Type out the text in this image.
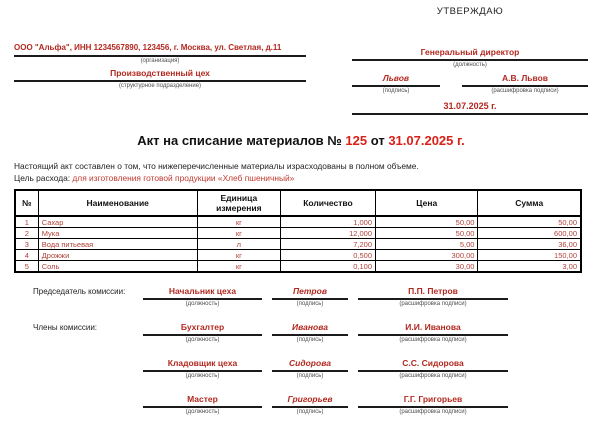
ООО "Альфа", ИНН 1234567890, 123456, г. Москва, ул. Светлая, д.11
(организация)
Производственный цех
(структурное подразделение)
УТВЕРЖДАЮ
Генеральный директор
(должность)
Львов
(подпись)
А.В. Львов
(расшифровка подписи)
31.07.2025 г.
Акт на списание материалов № 125 от 31.07.2025 г.
Настоящий акт составлен о том, что нижеперечисленные материалы израсходованы в полном объеме.
Цель расхода: для изготовления готовой продукции «Хлеб пшеничный»
№	Наименование	Единица измерения	Количество	Цена	Сумма
1	Сахар	кг	1,000	50,00	50,00
2	Мука	кг	12,000	50,00	600,00
3	Вода питьевая	л	7,200	5,00	36,00
4	Дрожжи	кг	0,500	300,00	150,00
5	Соль	кг	0,100	30,00	3,00
Председатель комиссии:	Начальник цеха
(должность)
Петров
(подпись)
П.П. Петров
(расшифровка подписи)
Члены комиссии:	Бухгалтер
(должность)
Иванова
(подпись)
И.И. Иванова
(расшифровка подписи)
Кладовщик цеха
(должность)
Сидорова
(подпись)
С.С. Сидорова
(расшифровка подписи)
Мастер
(должность)
Григорьев
(подпись)
Г.Г. Григорьев
(расшифровка подписи)
